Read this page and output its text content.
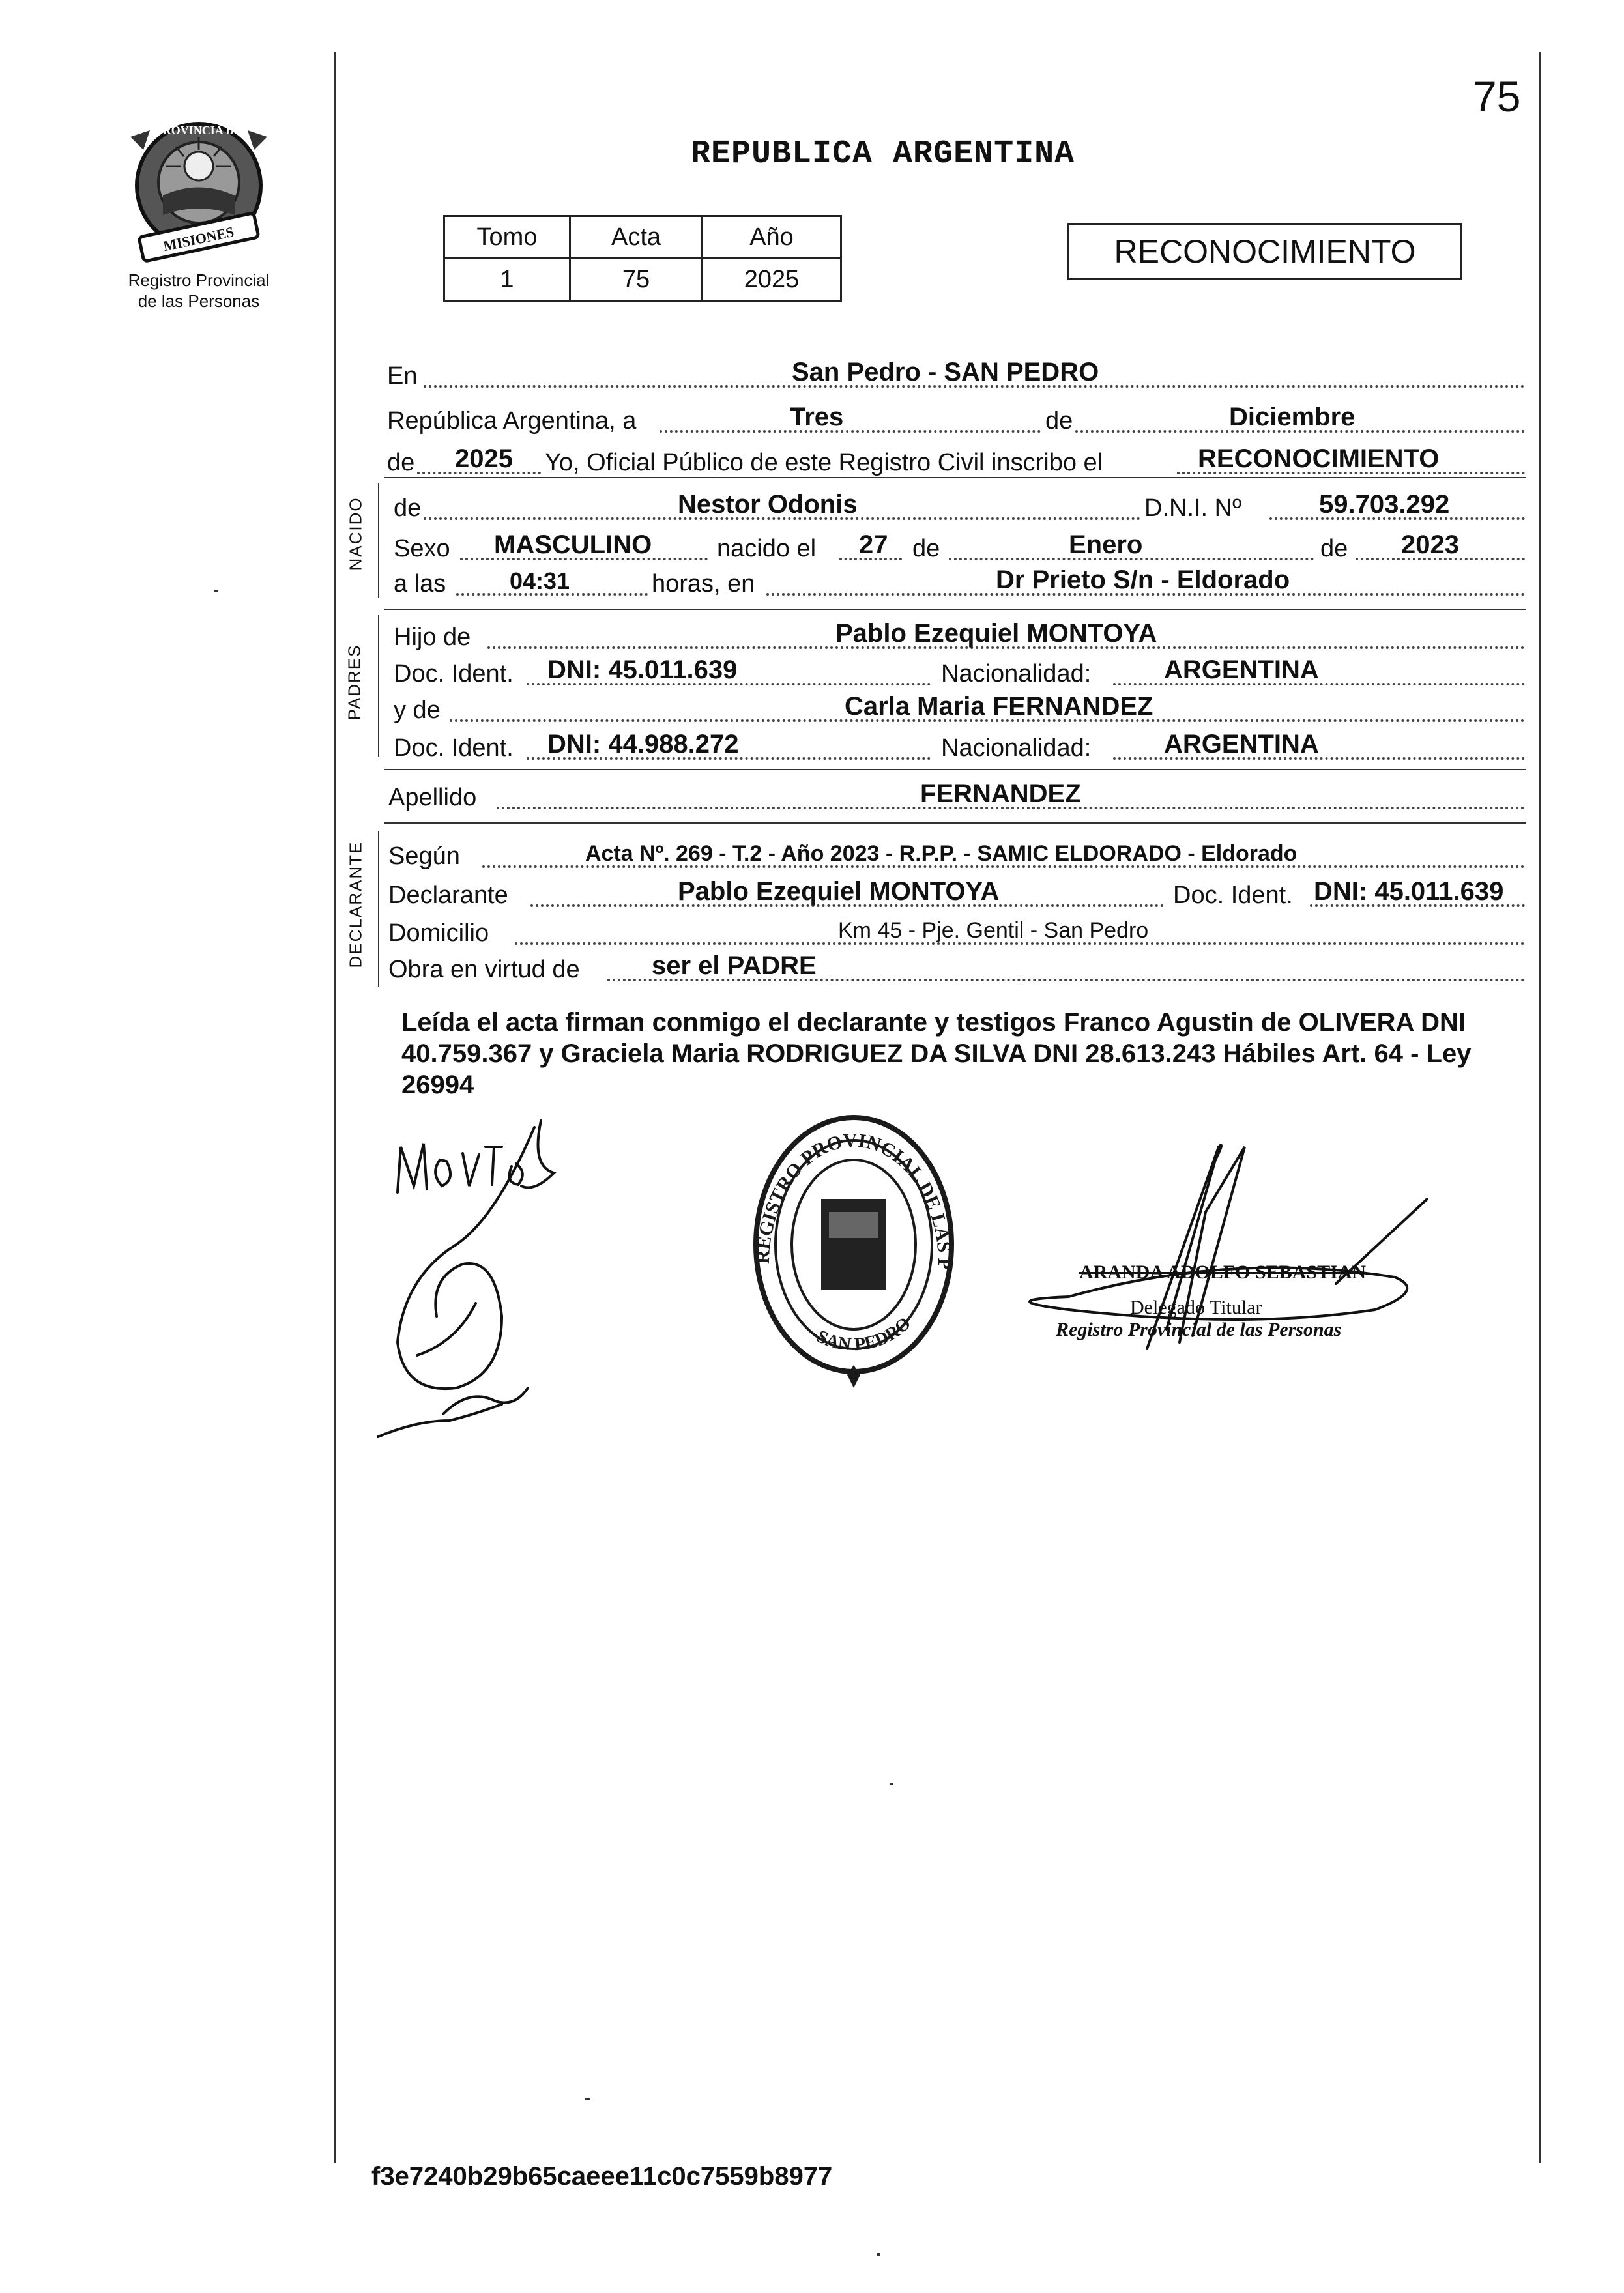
PROVINCIA DE
MISIONES
Registro Provincial
de las Personas
75
REPUBLICA ARGENTINA
Tomo	Acta	Año
1	75	2025
RECONOCIMIENTO
En	San Pedro - SAN PEDRO
República Argentina, a	Tres	de	Diciembre
de 2025 Yo, Oficial Público de este Registro Civil inscribo el	RECONOCIMIENTO
NACIDO de	Nestor Odonis	D.N.I. Nº	59.703.292
Sexo MASCULINO	nacido el 27 de	Enero	de 2023
a las	04:31	horas, en	Dr Prieto S/n - Eldorado
PADRES
Hijo de	Pablo Ezequiel MONTOYA
Doc. Ident. DNI: 45.011.639	Nacionalidad:	ARGENTINA
y de	Carla Maria FERNANDEZ
Doc. Ident. DNI: 44.988.272	Nacionalidad:	ARGENTINA
Apellido	FERNANDEZ
DECLARANTE Según	Acta Nº. 269 - T.2 - Año 2023 - R.P.P. - SAMIC ELDORADO - Eldorado
Declarante	Pablo Ezequiel MONTOYA	Doc. Ident. DNI: 45.011.639
Domicilio	Km 45 - Pje. Gentil - San Pedro
Obra en virtud de	ser el PADRE
Leída el acta firman conmigo el declarante y testigos Franco Agustin de OLIVERA DNI 40.759.367 y Graciela Maria RODRIGUEZ DA SILVA DNI 28.613.243 Hábiles Art. 64 - Ley 26994
REGISTRO PROVINCIAL DE LAS P
SAN PEDRO
ARANDA ADOLFO SEBASTIAN
Delegado Titular
Registro Provincial de las Personas
f3e7240b29b65caeee11c0c7559b8977
